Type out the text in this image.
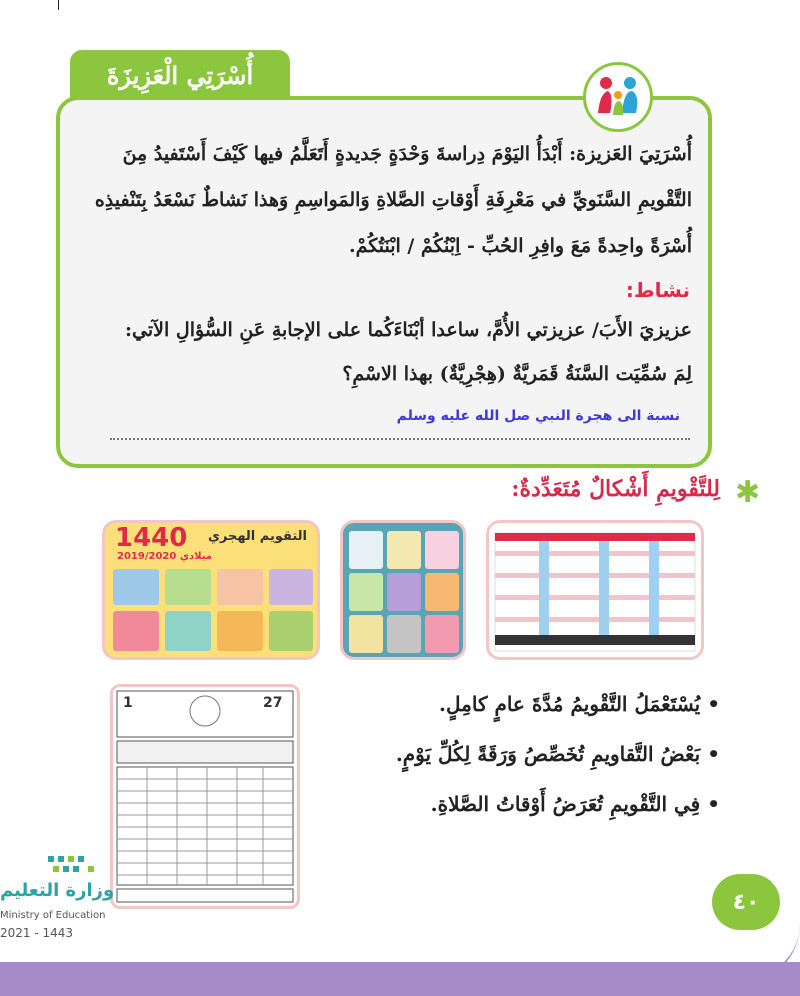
أُسْرَتِي الْعَزِيزَةَ
أُسْرَتِيَ العَزيزة: أَبْدَأُ اليَوْمَ دِراسةَ وَحْدَةٍ جَديدةٍ أَتَعَلَّمُ فيها كَيْفَ أَسْتَفيدُ مِنَ
التَّقْويمِ السَّنَويِّ في مَعْرِفَةِ أَوْقاتِ الصَّلاةِ وَالمَواسِمِ وَهذا نَشاطٌ نَسْعَدُ بِتَنْفيذِه
أُسْرَةً واحِدةً مَعَ وافِرِ الحُبِّ - اِبْنُكُمْ / ابْنَتُكُمْ.
نشاط:
عزيزيَ الأَبَ/ عزيزتي الأُمَّ، ساعدا أبْنَاءَكُما على الإجابةِ عَنِ السُّؤالِ الآتي:
لِمَ سُمِّيَت السَّنَةُ قَمَريَّةٌ (هِجْرِيَّةٌ) بهذا الاسْمِ؟
نسبة الى هجرة النبي صل الله عليه وسلم
✱
لِلتَّقْويمِ أَشْكالٌ مُتَعَدِّدةٌ:
1440
2019/2020 ميلادي
التقويم الهجري
1	27	• يُسْتَعْمَلُ التَّقْويمُ مُدَّةَ عامٍ كامِلٍ.
• بَعْضُ التَّقاويمِ تُخَصِّصُ وَرَقَةً لِكُلِّ يَوْمٍ.
• فِي التَّقْويمِ تُعَرَضُ أَوْقاتُ الصَّلاةِ.
وزارة التعليم
Ministry of Education
2021 - 1443
٤٠
